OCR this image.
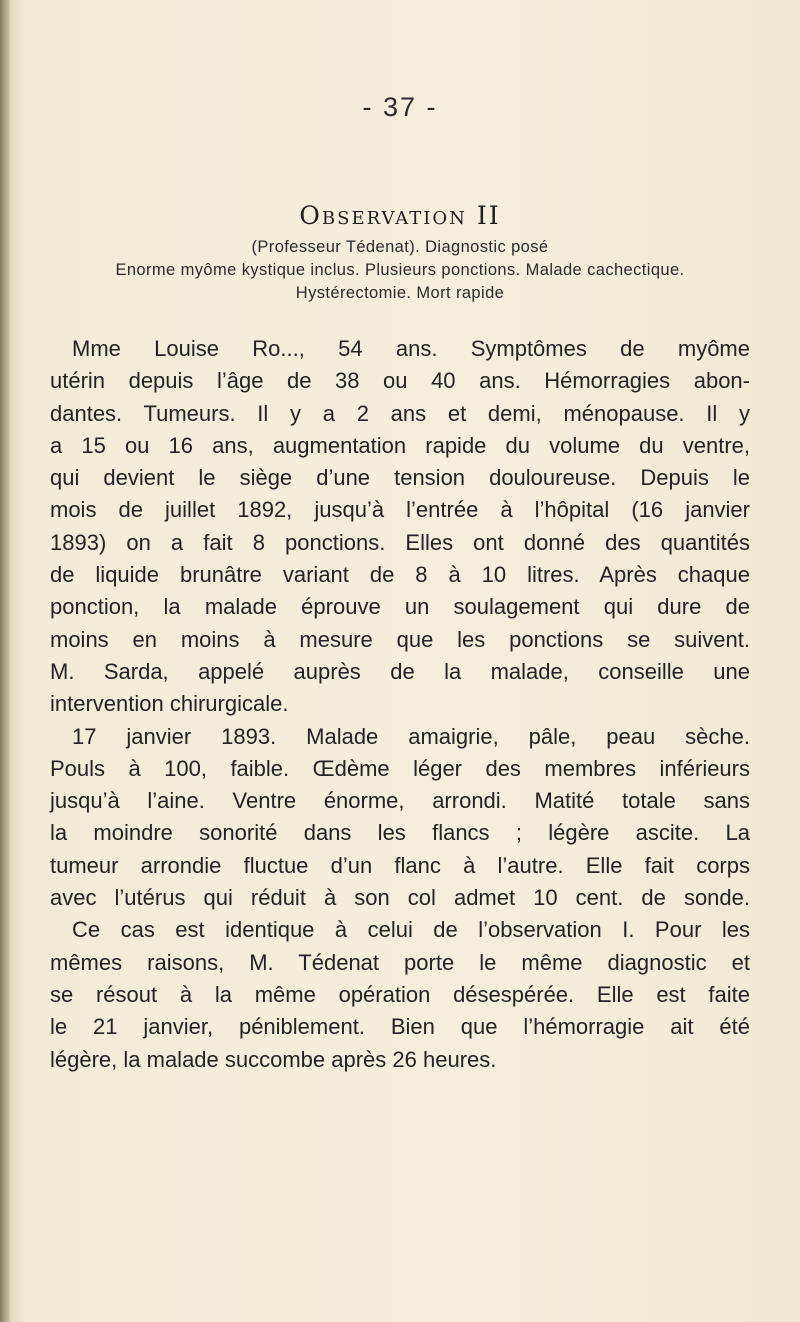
- 37 -
Observation II
(Professeur Tédenat). Diagnostic posé
Enorme myôme kystique inclus. Plusieurs ponctions. Malade cachectique.
Hystérectomie. Mort rapide
Mme Louise Ro..., 54 ans. Symptômes de myôme
utérin depuis l’âge de 38 ou 40 ans. Hémorragies abon-
dantes. Tumeurs. Il y a 2 ans et demi, ménopause. Il y
a 15 ou 16 ans, augmentation rapide du volume du ventre,
qui devient le siège d’une tension douloureuse. Depuis le
mois de juillet 1892, jusqu’à l’entrée à l’hôpital (16 janvier
1893) on a fait 8 ponctions. Elles ont donné des quantités
de liquide brunâtre variant de 8 à 10 litres. Après chaque
ponction, la malade éprouve un soulagement qui dure de
moins en moins à mesure que les ponctions se suivent.
M. Sarda, appelé auprès de la malade, conseille une
intervention chirurgicale.
17 janvier 1893. Malade amaigrie, pâle, peau sèche.
Pouls à 100, faible. Œdème léger des membres inférieurs
jusqu’à l’aine. Ventre énorme, arrondi. Matité totale sans
la moindre sonorité dans les flancs ; légère ascite. La
tumeur arrondie fluctue d’un flanc à l’autre. Elle fait corps
avec l’utérus qui réduit à son col admet 10 cent. de sonde.
Ce cas est identique à celui de l’observation I. Pour les
mêmes raisons, M. Tédenat porte le même diagnostic et
se résout à la même opération désespérée. Elle est faite
le 21 janvier, péniblement. Bien que l’hémorragie ait été
légère, la malade succombe après 26 heures.
